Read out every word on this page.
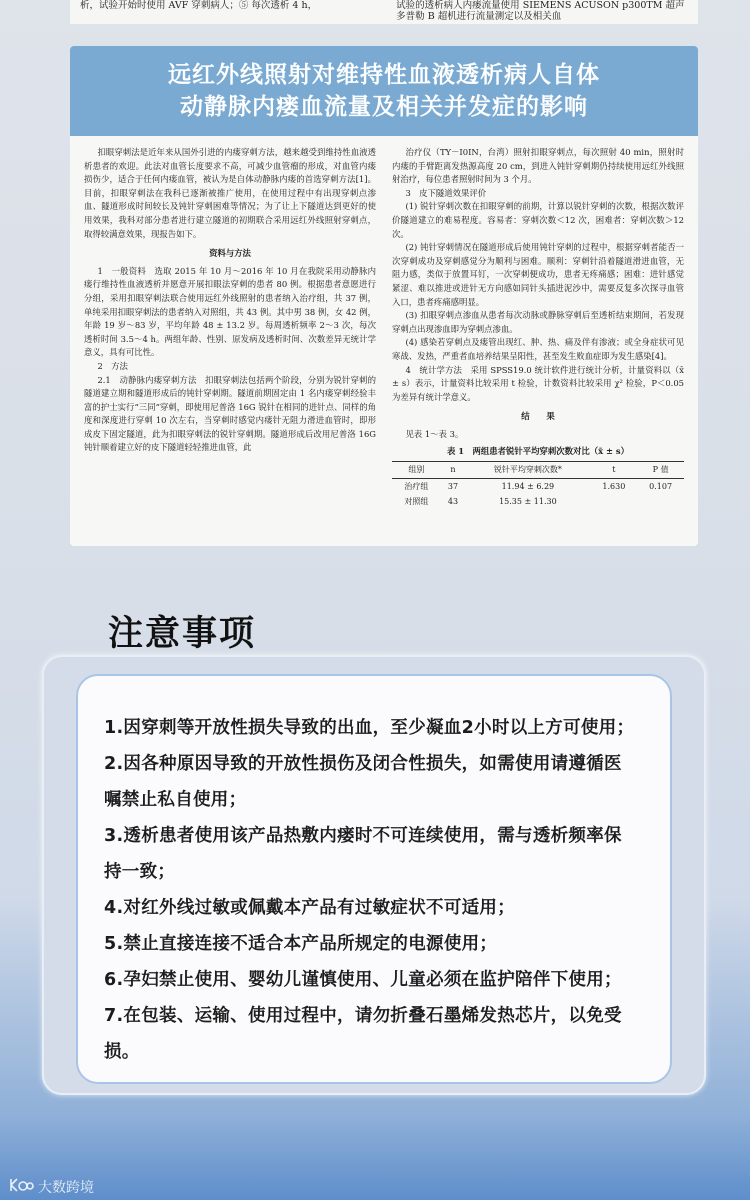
析，试验开始时使用 AVF 穿刺病人；⑤ 每次透析 4 h，	试验的透析病人内瘘流量使用 SIEMENS ACUSON p300TM 超声多普勒 B 超机进行流量测定以及相关血
远红外线照射对维持性血液透析病人自体
动静脉内瘘血流量及相关并发症的影响

扣眼穿刺法是近年来从国外引进的内瘘穿刺方法，越来越受到维持性血液透析患者的欢迎。此法对血管长度要求不高，可减少血管瘤的形成，对血管内瘘损伤少，适合于任何内瘘血管，被认为是自体动静脉内瘘的首选穿刺方法[1]。目前，扣眼穿刺法在我科已逐渐被推广使用，在使用过程中有出现穿刺点渗血、隧道形成时间较长及钝针穿刺困难等情况；为了让上下隧道达到更好的使用效果，我科对部分患者进行建立隧道的初期联合采用远红外线照射穿刺点，取得较满意效果，现报告如下。

资料与方法

1　一般资料　选取 2015 年 10 月～2016 年 10 月在我院采用动静脉内瘘行维持性血液透析并愿意开展扣眼法穿刺的患者 80 例。根据患者意愿进行分组，采用扣眼穿刺法联合使用远红外线照射的患者纳入治疗组，共 37 例，单纯采用扣眼穿刺法的患者纳入对照组，共 43 例。其中男 38 例，女 42 例，年龄 19 岁～83 岁，平均年龄 48 ± 13.2 岁。每周透析频率 2～3 次，每次透析时间 3.5～4 h。两组年龄、性别、原发病及透析时间、次数差异无统计学意义，具有可比性。

2　方法

2.1　动静脉内瘘穿刺方法　扣眼穿刺法包括两个阶段，分别为锐针穿刺的隧道建立期和隧道形成后的钝针穿刺期。隧道前期固定由 1 名内瘘穿刺经验丰富的护士实行“三同”穿刺，即使用尼普洛 16G 锐针在相同的进针点、同样的角度和深度进行穿刺 10 次左右，当穿刺时感觉内瘘针无阻力滑进血管时，即形成皮下固定隧道，此为扣眼穿刺法的锐针穿刺期。隧道形成后改用尼普洛 16G 钝针顺着建立好的皮下隧道轻轻推进血管，此

治疗仪（TY－I0IN，台湾）照射扣眼穿刺点，每次照射 40 min，照射时内瘘的手臂距离发热源高度 20 cm，到进入钝针穿刺期仍持续使用远红外线照射治疗，每位患者照射时间为 3 个月。

3　皮下隧道效果评价

(1) 锐针穿刺次数在扣眼穿刺的前期，计算以锐针穿刺的次数，根据次数评价隧道建立的难易程度。容易者：穿刺次数＜12 次，困难者：穿刺次数＞12 次。

(2) 钝针穿刺情况在隧道形成后使用钝针穿刺的过程中，根据穿刺者能否一次穿刺成功及穿刺感觉分为顺利与困难。顺利：穿刺针沿着隧道滑进血管，无阻力感，类似于放置耳钉，一次穿刺便成功，患者无疼痛感；困难：进针感觉紧涩、难以推进或进针无方向感如同针头插进泥沙中，需要反复多次探寻血管入口，患者疼痛感明显。

(3) 扣眼穿刺点渗血从患者每次动脉或静脉穿刺后至透析结束期间，若发现穿刺点出现渗血即为穿刺点渗血。

(4) 感染若穿刺点及瘘管出现红、肿、热、痛及伴有渗液；或全身症状可见寒战、发热，严重者血培养结果呈阳性，甚至发生败血症即为发生感染[4]。

4　统计学方法　采用 SPSS19.0 统计软件进行统计分析，计量资料以（x̄ ± s）表示，计量资料比较采用 t 检验，计数资料比较采用 χ² 检验，P＜0.05 为差异有统计学意义。

结　　果

见表 1～表 3。

表 1　两组患者锐针平均穿刺次数对比（x̄ ± s）
组别	n	锐针平均穿刺次数*	t	P 值
治疗组	37	11.94 ± 6.29	1.630	0.107
对照组	43	15.35 ± 11.30		
注意事项
1.因穿刺等开放性损失导致的出血，至少凝血2小时以上方可使用；
2.因各种原因导致的开放性损伤及闭合性损失，如需使用请遵循医
嘱禁止私自使用；
3.透析患者使用该产品热敷内瘘时不可连续使用，需与透析频率保
持一致；
4.对红外线过敏或佩戴本产品有过敏症状不可适用；
5.禁止直接连接不适合本产品所规定的电源使用；
6.孕妇禁止使用、婴幼儿谨慎使用、儿童必须在监护陪伴下使用；
7.在包装、运输、使用过程中，请勿折叠石墨烯发热芯片，以免受
损。
大数跨境
